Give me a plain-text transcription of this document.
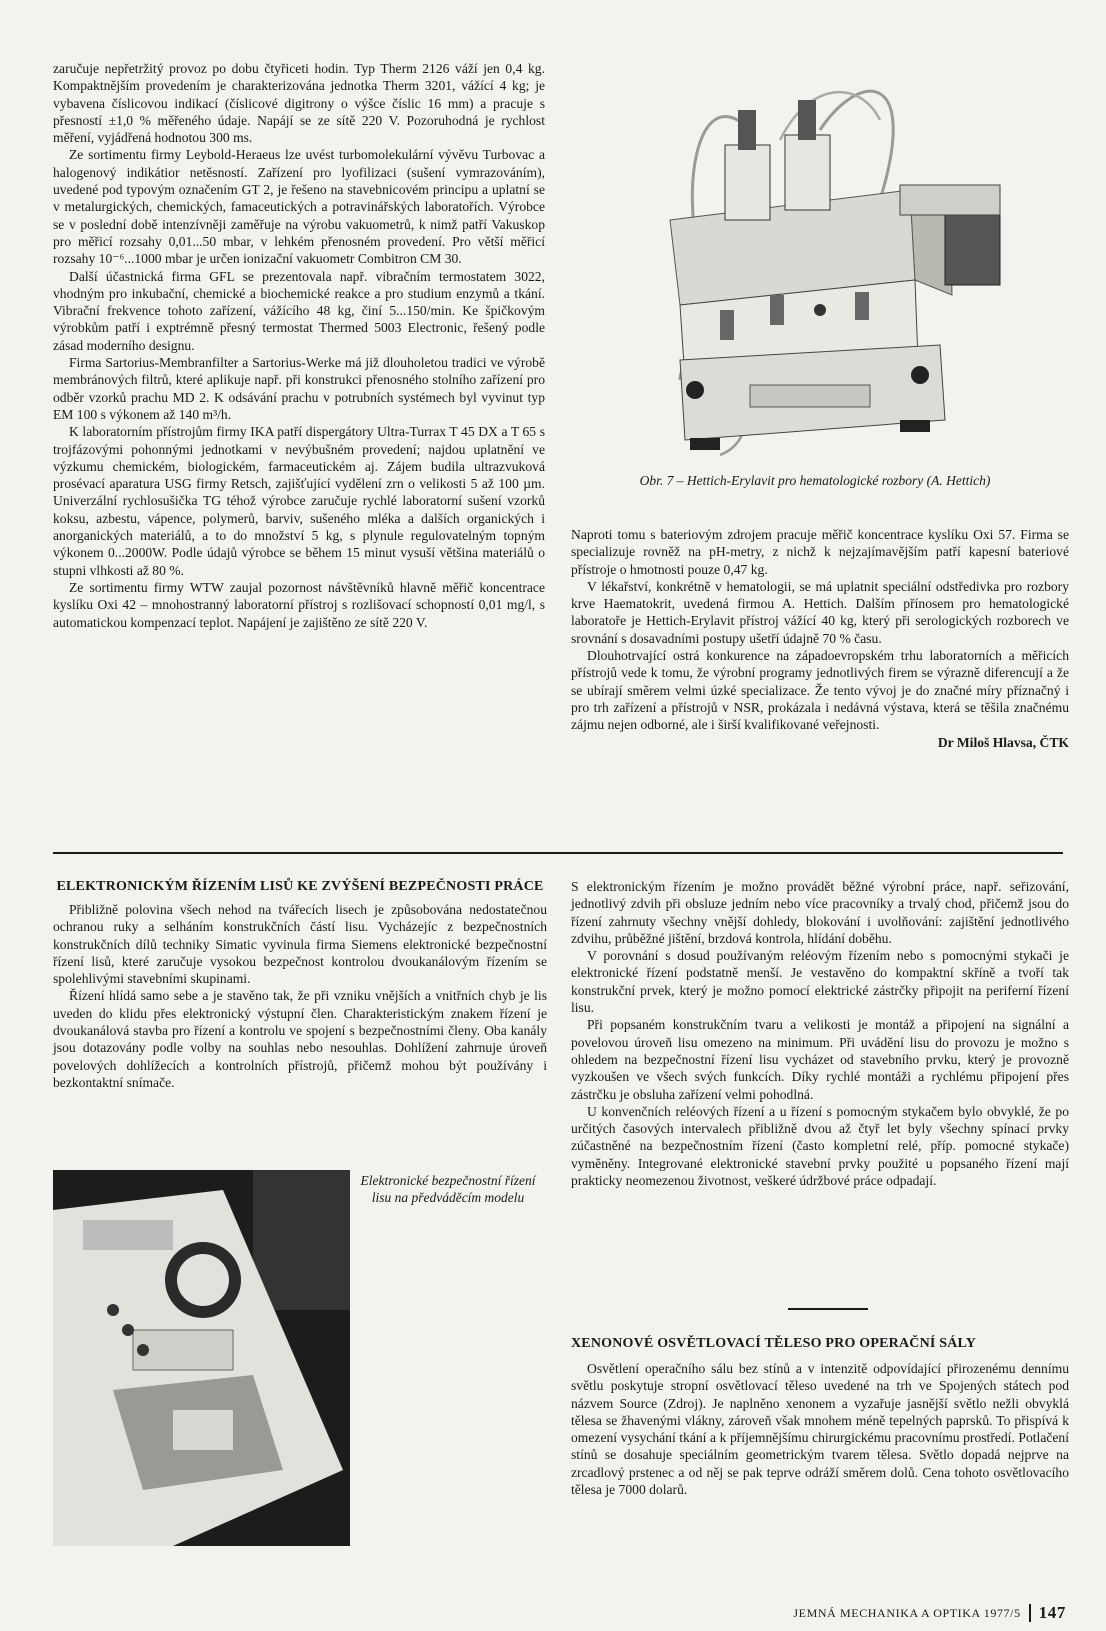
zaručuje nepřetržitý provoz po dobu čtyřiceti hodin. Typ Therm 2126 váží jen 0,4 kg. Kompaktnějším provedením je charakterizována jednotka Therm 3201, vážící 4 kg; je vybavena číslicovou indikací (číslicové digitrony o výšce číslic 16 mm) a pracuje s přesností ±1,0 % měřeného údaje. Napájí se ze sítě 220 V. Pozoruhodná je rychlost měření, vyjádřená hodnotou 300 ms.

Ze sortimentu firmy Leybold-Heraeus lze uvést turbomolekulární vývěvu Turbovac a halogenový indikátior netěsností. Zařízení pro lyofilizaci (sušení vymrazováním), uvedené pod typovým označením GT 2, je řešeno na stavebnicovém principu a uplatní se v metalurgických, chemických, famaceutických a potravinářských laboratořích. Výrobce se v poslední době intenzívněji zaměřuje na výrobu vakuometrů, k nimž patří Vakuskop pro měřicí rozsahy 0,01...50 mbar, v lehkém přenosném provedení. Pro větší měřicí rozsahy 10⁻⁶...1000 mbar je určen ionizační vakuometr Combitron CM 30.

Další účastnická firma GFL se prezentovala např. vibračním termostatem 3022, vhodným pro inkubační, chemické a biochemické reakce a pro studium enzymů a tkání. Vibrační frekvence tohoto zařízení, vážícího 48 kg, činí 5...150/min. Ke špičkovým výrobkům patří i exptrémně přesný termostat Thermed 5003 Electronic, řešený podle zásad moderního designu.

Firma Sartorius-Membranfilter a Sartorius-Werke má již dlouholetou tradici ve výrobě membránových filtrů, které aplikuje např. při konstrukci přenosného stolního zařízení pro odběr vzorků prachu MD 2. K odsávání prachu v potrubních systémech byl vyvinut typ EM 100 s výkonem až 140 m³/h.

K laboratorním přístrojům firmy IKA patří dispergátory Ultra-Turrax T 45 DX a T 65 s trojfázovými pohonnými jednotkami v nevýbušném provedení; najdou uplatnění ve výzkumu chemickém, biologickém, farmaceutickém aj. Zájem budila ultrazvuková prosévací aparatura USG firmy Retsch, zajišťující vydělení zrn o velikosti 5 až 100 µm. Univerzální rychlosušička TG téhož výrobce zaručuje rychlé laboratorní sušení vzorků koksu, azbestu, vápence, polymerů, barviv, sušeného mléka a dalších organických i anorganických materiálů, a to do množství 5 kg, s plynule regulovatelným topným výkonem 0...2000W. Podle údajů výrobce se během 15 minut vysuší většina materiálů o stupni vlhkosti až 80 %.

Ze sortimentu firmy WTW zaujal pozornost návštěvníků hlavně měřič koncentrace kyslíku Oxi 42 – mnohostranný laboratorní přístroj s rozlišovací schopností 0,01 mg/l, s automatickou kompenzací teplot. Napájení je zajištěno ze sítě 220 V.

Obr. 7 – Hettich-Erylavit pro hematologické rozbory (A. Hettich)

Naproti tomu s bateriovým zdrojem pracuje měřič koncentrace kyslíku Oxi 57. Firma se specializuje rovněž na pH-metry, z nichž k nejzajímavějším patří kapesní bateriové přístroje o hmotnosti pouze 0,47 kg.

V lékařství, konkrétně v hematologii, se má uplatnit speciální odstředivka pro rozbory krve Haematokrit, uvedená firmou A. Hettich. Dalším přínosem pro hematologické laboratoře je Hettich-Erylavit přístroj vážící 40 kg, který při serologických rozborech ve srovnání s dosavadními postupy ušetří údajně 70 % času.

Dlouhotrvající ostrá konkurence na západoevropském trhu laboratorních a měřicích přístrojů vede k tomu, že výrobní programy jednotlivých firem se výrazně diferencují a že se ubírají směrem velmi úzké specializace. Že tento vývoj je do značné míry příznačný i pro trh zařízení a přístrojů v NSR, prokázala i nedávná výstava, která se těšila značnému zájmu nejen odborné, ale i širší kvalifikované veřejnosti.

Dr Miloš Hlavsa, ČTK

ELEKTRONICKÝM ŘÍZENÍM LISŮ KE ZVÝŠENÍ BEZPEČNOSTI PRÁCE

Přibližně polovina všech nehod na tvářecích lisech je způsobována nedostatečnou ochranou ruky a selháním konstrukčních částí lisu. Vycházejíc z bezpečnostních konstrukčních dílů techniky Simatic vyvinula firma Siemens elektronické bezpečnostní řízení lisů, které zaručuje vysokou bezpečnost kontrolou dvoukanálovým řízením se spolehlivými stavebními skupinami.

Řízení hlídá samo sebe a je stavěno tak, že při vzniku vnějších a vnitřních chyb je lis uveden do klidu přes elektronický výstupní člen. Charakteristickým znakem řízení je dvoukanálová stavba pro řízení a kontrolu ve spojení s bezpečnostními členy. Oba kanály jsou dotazovány podle volby na souhlas nebo nesouhlas. Dohlížení zahrnuje úroveň povelových dohlížecích a kontrolních přístrojů, přičemž mohou být používány i bezkontaktní snímače.

Elektronické bezpečnostní řízení lisu na předváděcím modelu

S elektronickým řízením je možno provádět běžné výrobní práce, např. seřizování, jednotlivý zdvih při obsluze jedním nebo více pracovníky a trvalý chod, přičemž jsou do řízení zahrnuty všechny vnější dohledy, blokování i uvolňování: zajištění jednotlivého zdvihu, průběžné jištění, brzdová kontrola, hlídání doběhu.

V porovnání s dosud používaným reléovým řízením nebo s pomocnými stykači je elektronické řízení podstatně menší. Je vestavěno do kompaktní skříně a tvoří tak konstrukční prvek, který je možno pomocí elektrické zástrčky připojit na periferní řízení lisu.

Při popsaném konstrukčním tvaru a velikosti je montáž a připojení na signální a povelovou úroveň lisu omezeno na minimum. Při uvádění lisu do provozu je možno s ohledem na bezpečnostní řízení lisu vycházet od stavebního prvku, který je provozně vyzkoušen ve všech svých funkcích. Díky rychlé montáži a rychlému připojení přes zástrčku je obsluha zařízení velmi pohodlná.

U konvenčních reléových řízení a u řízení s pomocným stykačem bylo obvyklé, že po určitých časových intervalech přibližně dvou až čtyř let byly všechny spínací prvky zúčastněné na bezpečnostním řízení (často kompletní relé, příp. pomocné stykače) vyměněny. Integrované elektronické stavební prvky použité u popsaného řízení mají prakticky neomezenou životnost, veškeré údržbové práce odpadají.

XENONOVÉ OSVĚTLOVACÍ TĚLESO PRO OPERAČNÍ SÁLY

Osvětlení operačního sálu bez stínů a v intenzitě odpovídající přirozenému dennímu světlu poskytuje stropní osvětlovací těleso uvedené na trh ve Spojených státech pod názvem Source (Zdroj). Je naplněno xenonem a vyzařuje jasnější světlo nežli obvyklá tělesa se žhavenými vlákny, zároveň však mnohem méně tepelných paprsků. To přispívá k omezení vysychání tkání a k příjemnějšímu chirurgickému pracovnímu prostředí. Potlačení stínů se dosahuje speciálním geometrickým tvarem tělesa. Světlo dopadá nejprve na zrcadlový prstenec a od něj se pak teprve odráží směrem dolů. Cena tohoto osvětlovacího tělesa je 7000 dolarů.

JEMNÁ MECHANIKA A OPTIKA 1977/5 147
